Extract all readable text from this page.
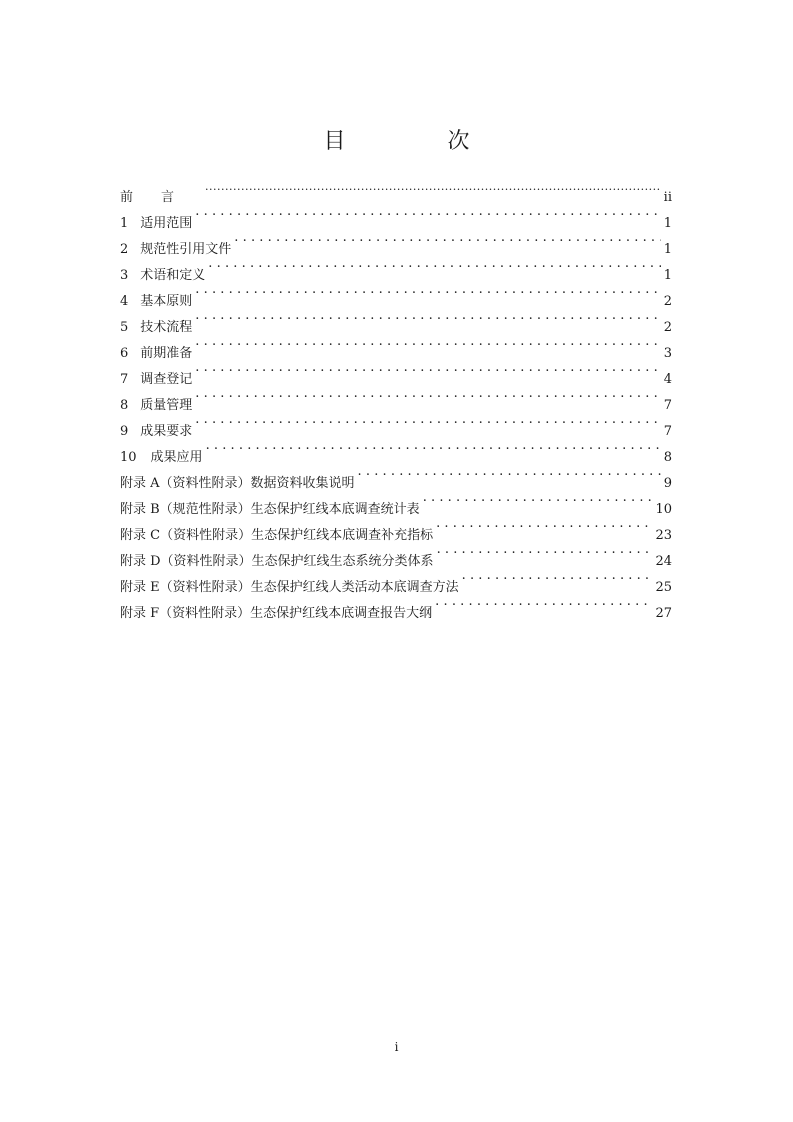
目　次
前言 .....	ii
1 适用范围 .....	1
2 规范性引用文件 .....	1
3 术语和定义 .....	1
4 基本原则 .....	2
5 技术流程 .....	2
6 前期准备 .....	3
7 调查登记 .....	4
8 质量管理 .....	7
9 成果要求 .....	7
10 成果应用 .....	8
附录 A（资料性附录）数据资料收集说明 .....	9
附录 B（规范性附录）生态保护红线本底调查统计表 .....	10
附录 C（资料性附录）生态保护红线本底调查补充指标 .....	23
附录 D（资料性附录）生态保护红线生态系统分类体系 .....	24
附录 E（资料性附录）生态保护红线人类活动本底调查方法 .....	25
附录 F（资料性附录）生态保护红线本底调查报告大纲 .....	27
i
